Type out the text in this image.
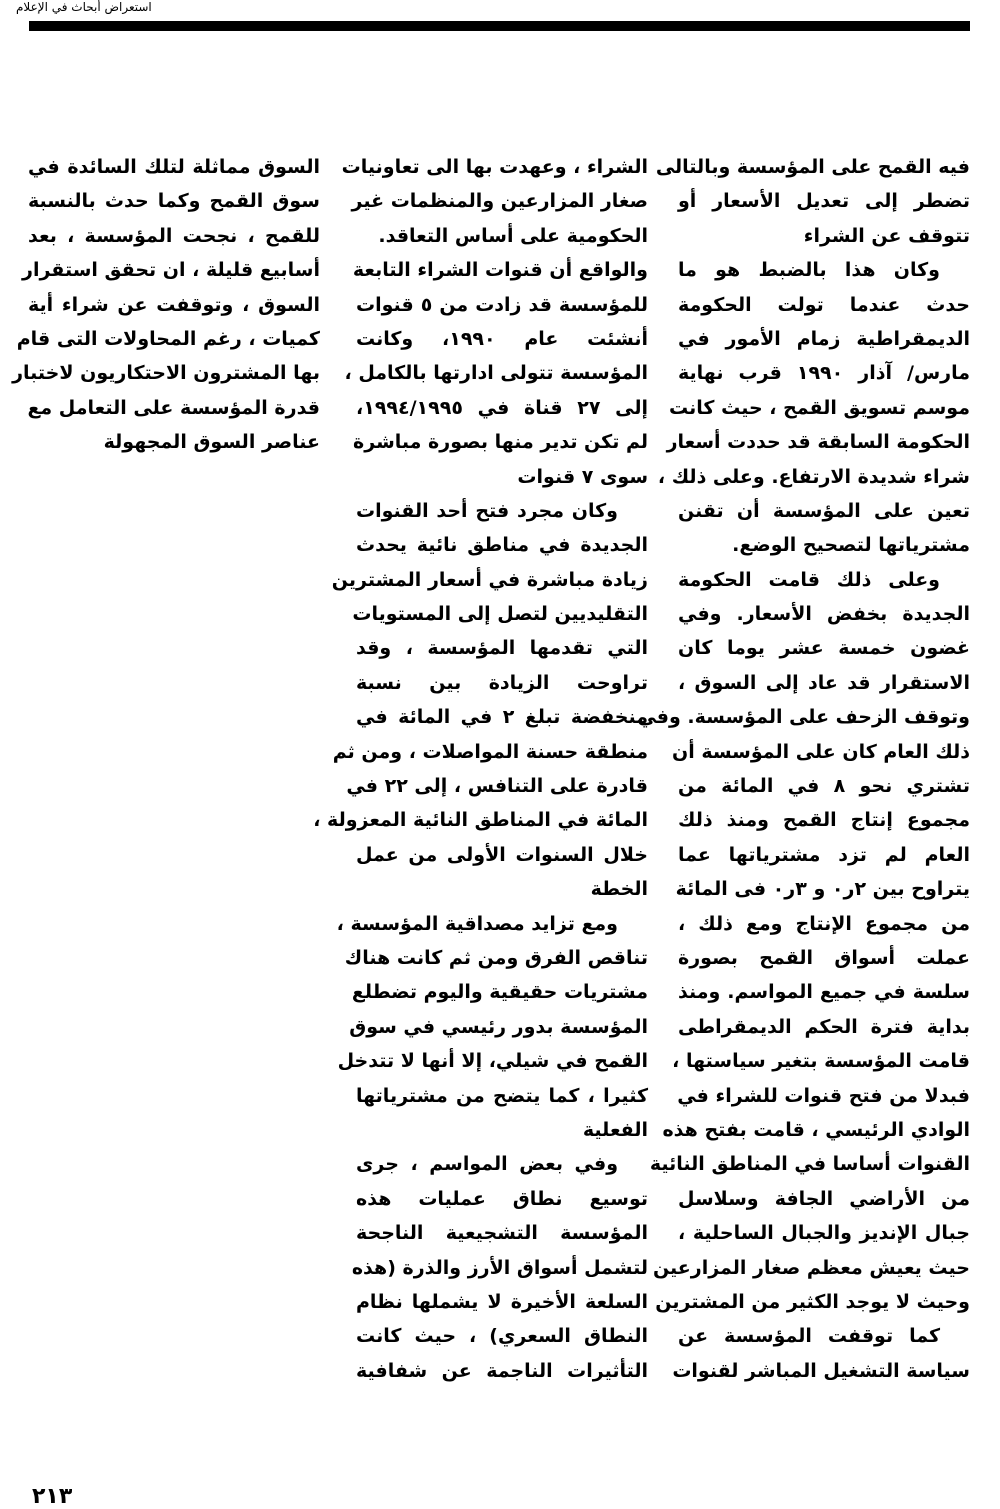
استعراض أبحاث في الإعلام
فيه القمح على المؤسسة وبالتالى
تضطر إلى تعديل الأسعار أو
تتوقف عن الشراء
وكان هذا بالضبط هو ما
حدث عندما تولت الحكومة
الديمقراطية زمام الأمور في
مارس/ آذار ١٩٩٠ قرب نهاية
موسم تسويق القمح ، حيث كانت
الحكومة السابقة قد حددت أسعار
شراء شديدة الارتفاع. وعلى ذلك ،
تعين على المؤسسة أن تقنن
مشترياتها لتصحيح الوضع.
وعلى ذلك قامت الحكومة
الجديدة بخفض الأسعار. وفي
غضون خمسة عشر يوما كان
الاستقرار قد عاد إلى السوق ،
وتوقف الزحف على المؤسسة. وفي
ذلك العام كان على المؤسسة أن
تشتري نحو ٨ في المائة من
مجموع إنتاج القمح ومنذ ذلك
العام لم تزد مشترياتها عما
يتراوح بين ٢ر٠ و ٣ر٠ فى المائة
من مجموع الإنتاج ومع ذلك ،
عملت أسواق القمح بصورة
سلسة في جميع المواسم. ومنذ
بداية فترة الحكم الديمقراطى
قامت المؤسسة بتغير سياستها ،
فبدلا من فتح قنوات للشراء في
الوادي الرئيسي ، قامت بفتح هذه
القنوات أساسا في المناطق النائية
من الأراضي الجافة وسلاسل
جبال الإنديز والجبال الساحلية ،
حيث يعيش معظم صغار المزارعين
وحيث لا يوجد الكثير من المشترين
كما توقفت المؤسسة عن
سياسة التشغيل المباشر لقنوات
الشراء ، وعهدت بها الى تعاونيات
صغار المزارعين والمنظمات غير
الحكومية على أساس التعاقد.
والواقع أن قنوات الشراء التابعة
للمؤسسة قد زادت من ٥ قنوات
أنشئت عام ١٩٩٠، وكانت
المؤسسة تتولى ادارتها بالكامل ،
إلى ٢٧ قناة في ١٩٩٤/١٩٩٥،
لم تكن تدير منها بصورة مباشرة
سوى ٧ قنوات
وكان مجرد فتح أحد القنوات
الجديدة في مناطق نائية يحدث
زيادة مباشرة في أسعار المشترين
التقليديين لتصل إلى المستويات
التي تقدمها المؤسسة ، وقد
تراوحت الزيادة بين نسبة
منخفضة تبلغ ٢ في المائة في
منطقة حسنة المواصلات ، ومن ثم
قادرة على التنافس ، إلى ٢٢ في
المائة في المناطق النائية المعزولة ،
خلال السنوات الأولى من عمل
الخطة
ومع تزايد مصداقية المؤسسة ،
تناقص الفرق ومن ثم كانت هناك
مشتريات حقيقية واليوم تضطلع
المؤسسة بدور رئيسي في سوق
القمح في شيلي، إلا أنها لا تتدخل
كثيرا ، كما يتضح من مشترياتها
الفعلية
وفي بعض المواسم ، جرى
توسيع نطاق عمليات هذه
المؤسسة التشجيعية الناجحة
لتشمل أسواق الأرز والذرة (هذه
السلعة الأخيرة لا يشملها نظام
النطاق السعري) ، حيث كانت
التأثيرات الناجمة عن شفافية
السوق مماثلة لتلك السائدة في
سوق القمح وكما حدث بالنسبة
للقمح ، نجحت المؤسسة ، بعد
أسابيع قليلة ، ان تحقق استقرار
السوق ، وتوقفت عن شراء أية
كميات ، رغم المحاولات التى قام
بها المشترون الاحتكاريون لاختبار
قدرة المؤسسة على التعامل مع
عناصر السوق المجهولة
٢١٣
